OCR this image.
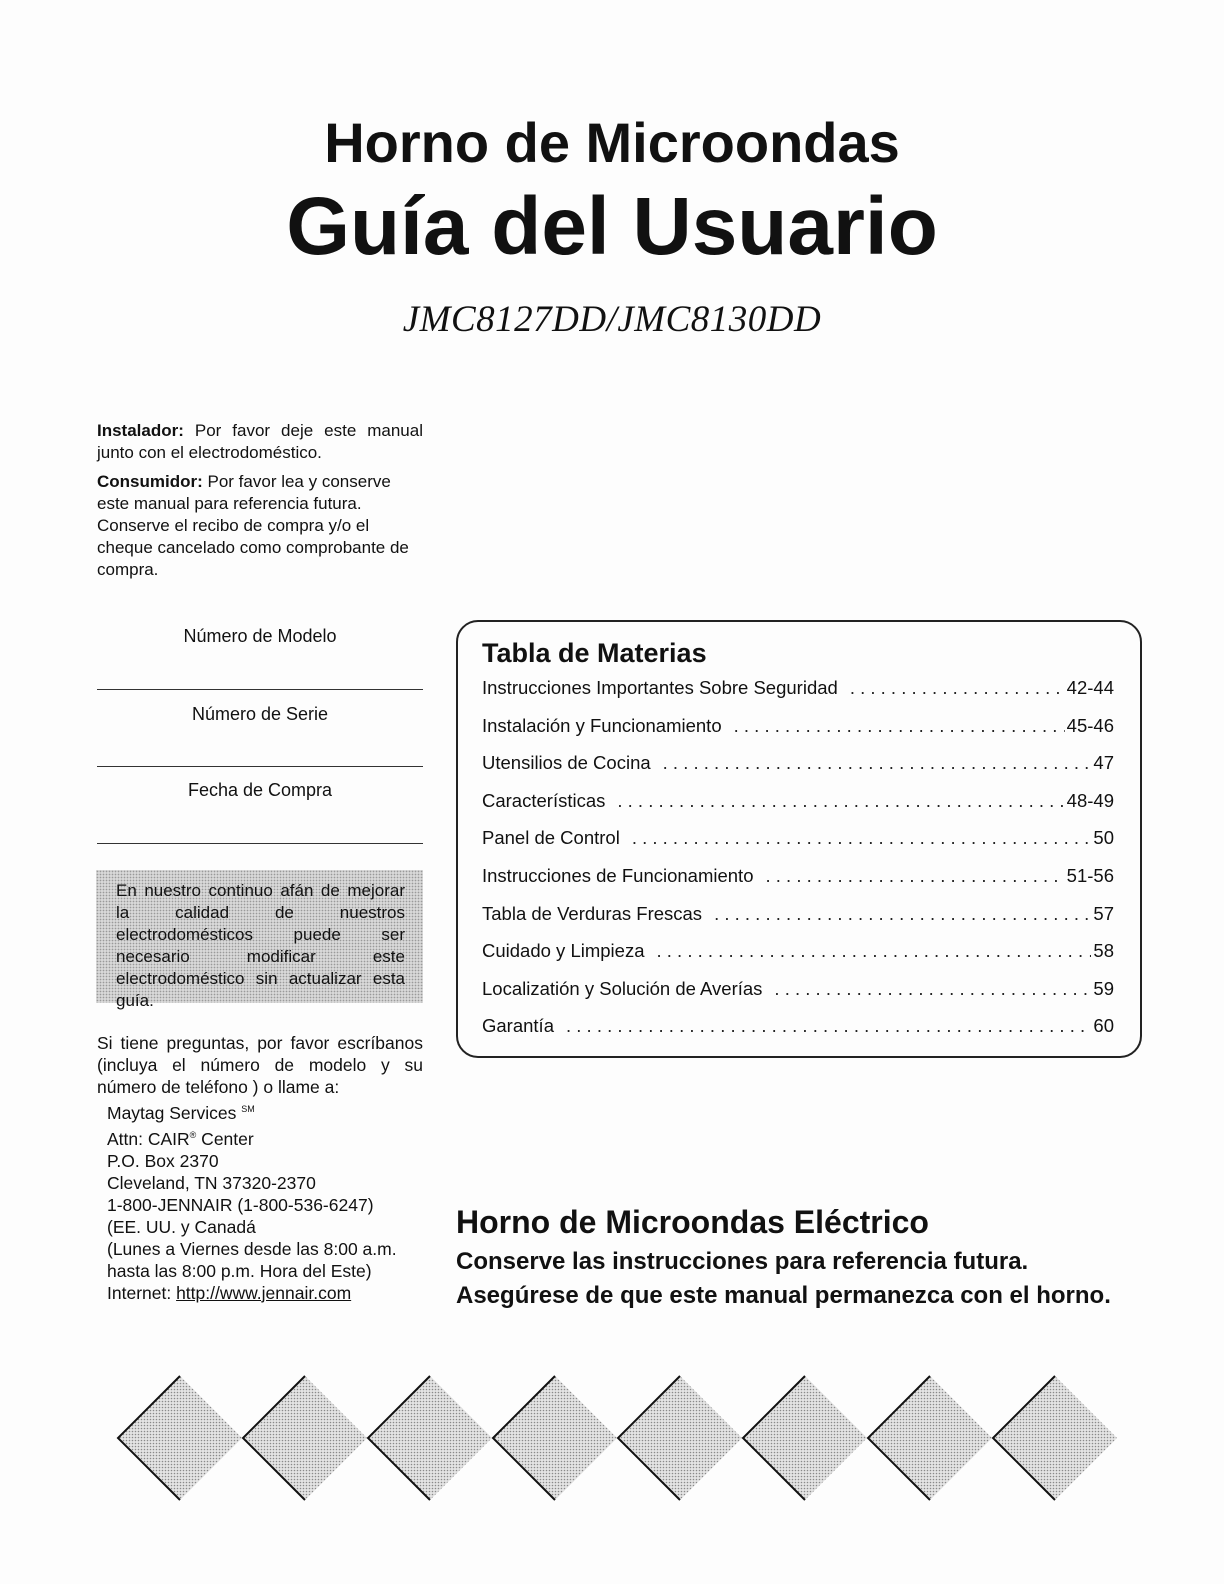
Horno de Microondas
Guía del Usuario
JMC8127DD/JMC8130DD
Instalador: Por favor deje este manual junto con el electrodoméstico.
Consumidor: Por favor lea y conserve este manual para referencia futura. Conserve el recibo de compra y/o el cheque cancelado como comprobante de compra.
Número de Modelo
Número de Serie
Fecha de Compra
En nuestro continuo afán de mejorar la calidad de nuestros electrodomésticos puede ser necesario modificar este electrodoméstico sin actualizar esta guía.
Si tiene preguntas, por favor escríbanos (incluya el número de modelo y su número de teléfono ) o llame a:
Maytag Services ℠
Attn: CAIR® Center
P.O. Box 2370
Cleveland, TN 37320-2370
1-800-JENNAIR (1-800-536-6247)
(EE. UU. y Canadá
(Lunes a Viernes desde las 8:00 a.m. hasta las 8:00 p.m. Hora del Este)
Internet: http://www.jennair.com
Tabla de Materias
Instrucciones Importantes Sobre Seguridad . . .	42-44
Instalación y Funcionamiento . . .	45-46
Utensilios de Cocina . . .	47
Características . . .	48-49
Panel de Control . . .	50
Instrucciones de Funcionamiento . . .	51-56
Tabla de Verduras Frescas . . .	57
Cuidado y Limpieza . . .	58
Localizatión y Solución de Averías . . .	59
Garantía . . .	60
Horno de Microondas Eléctrico
Conserve las instrucciones para referencia futura.
Asegúrese de que este manual permanezca con el horno.
